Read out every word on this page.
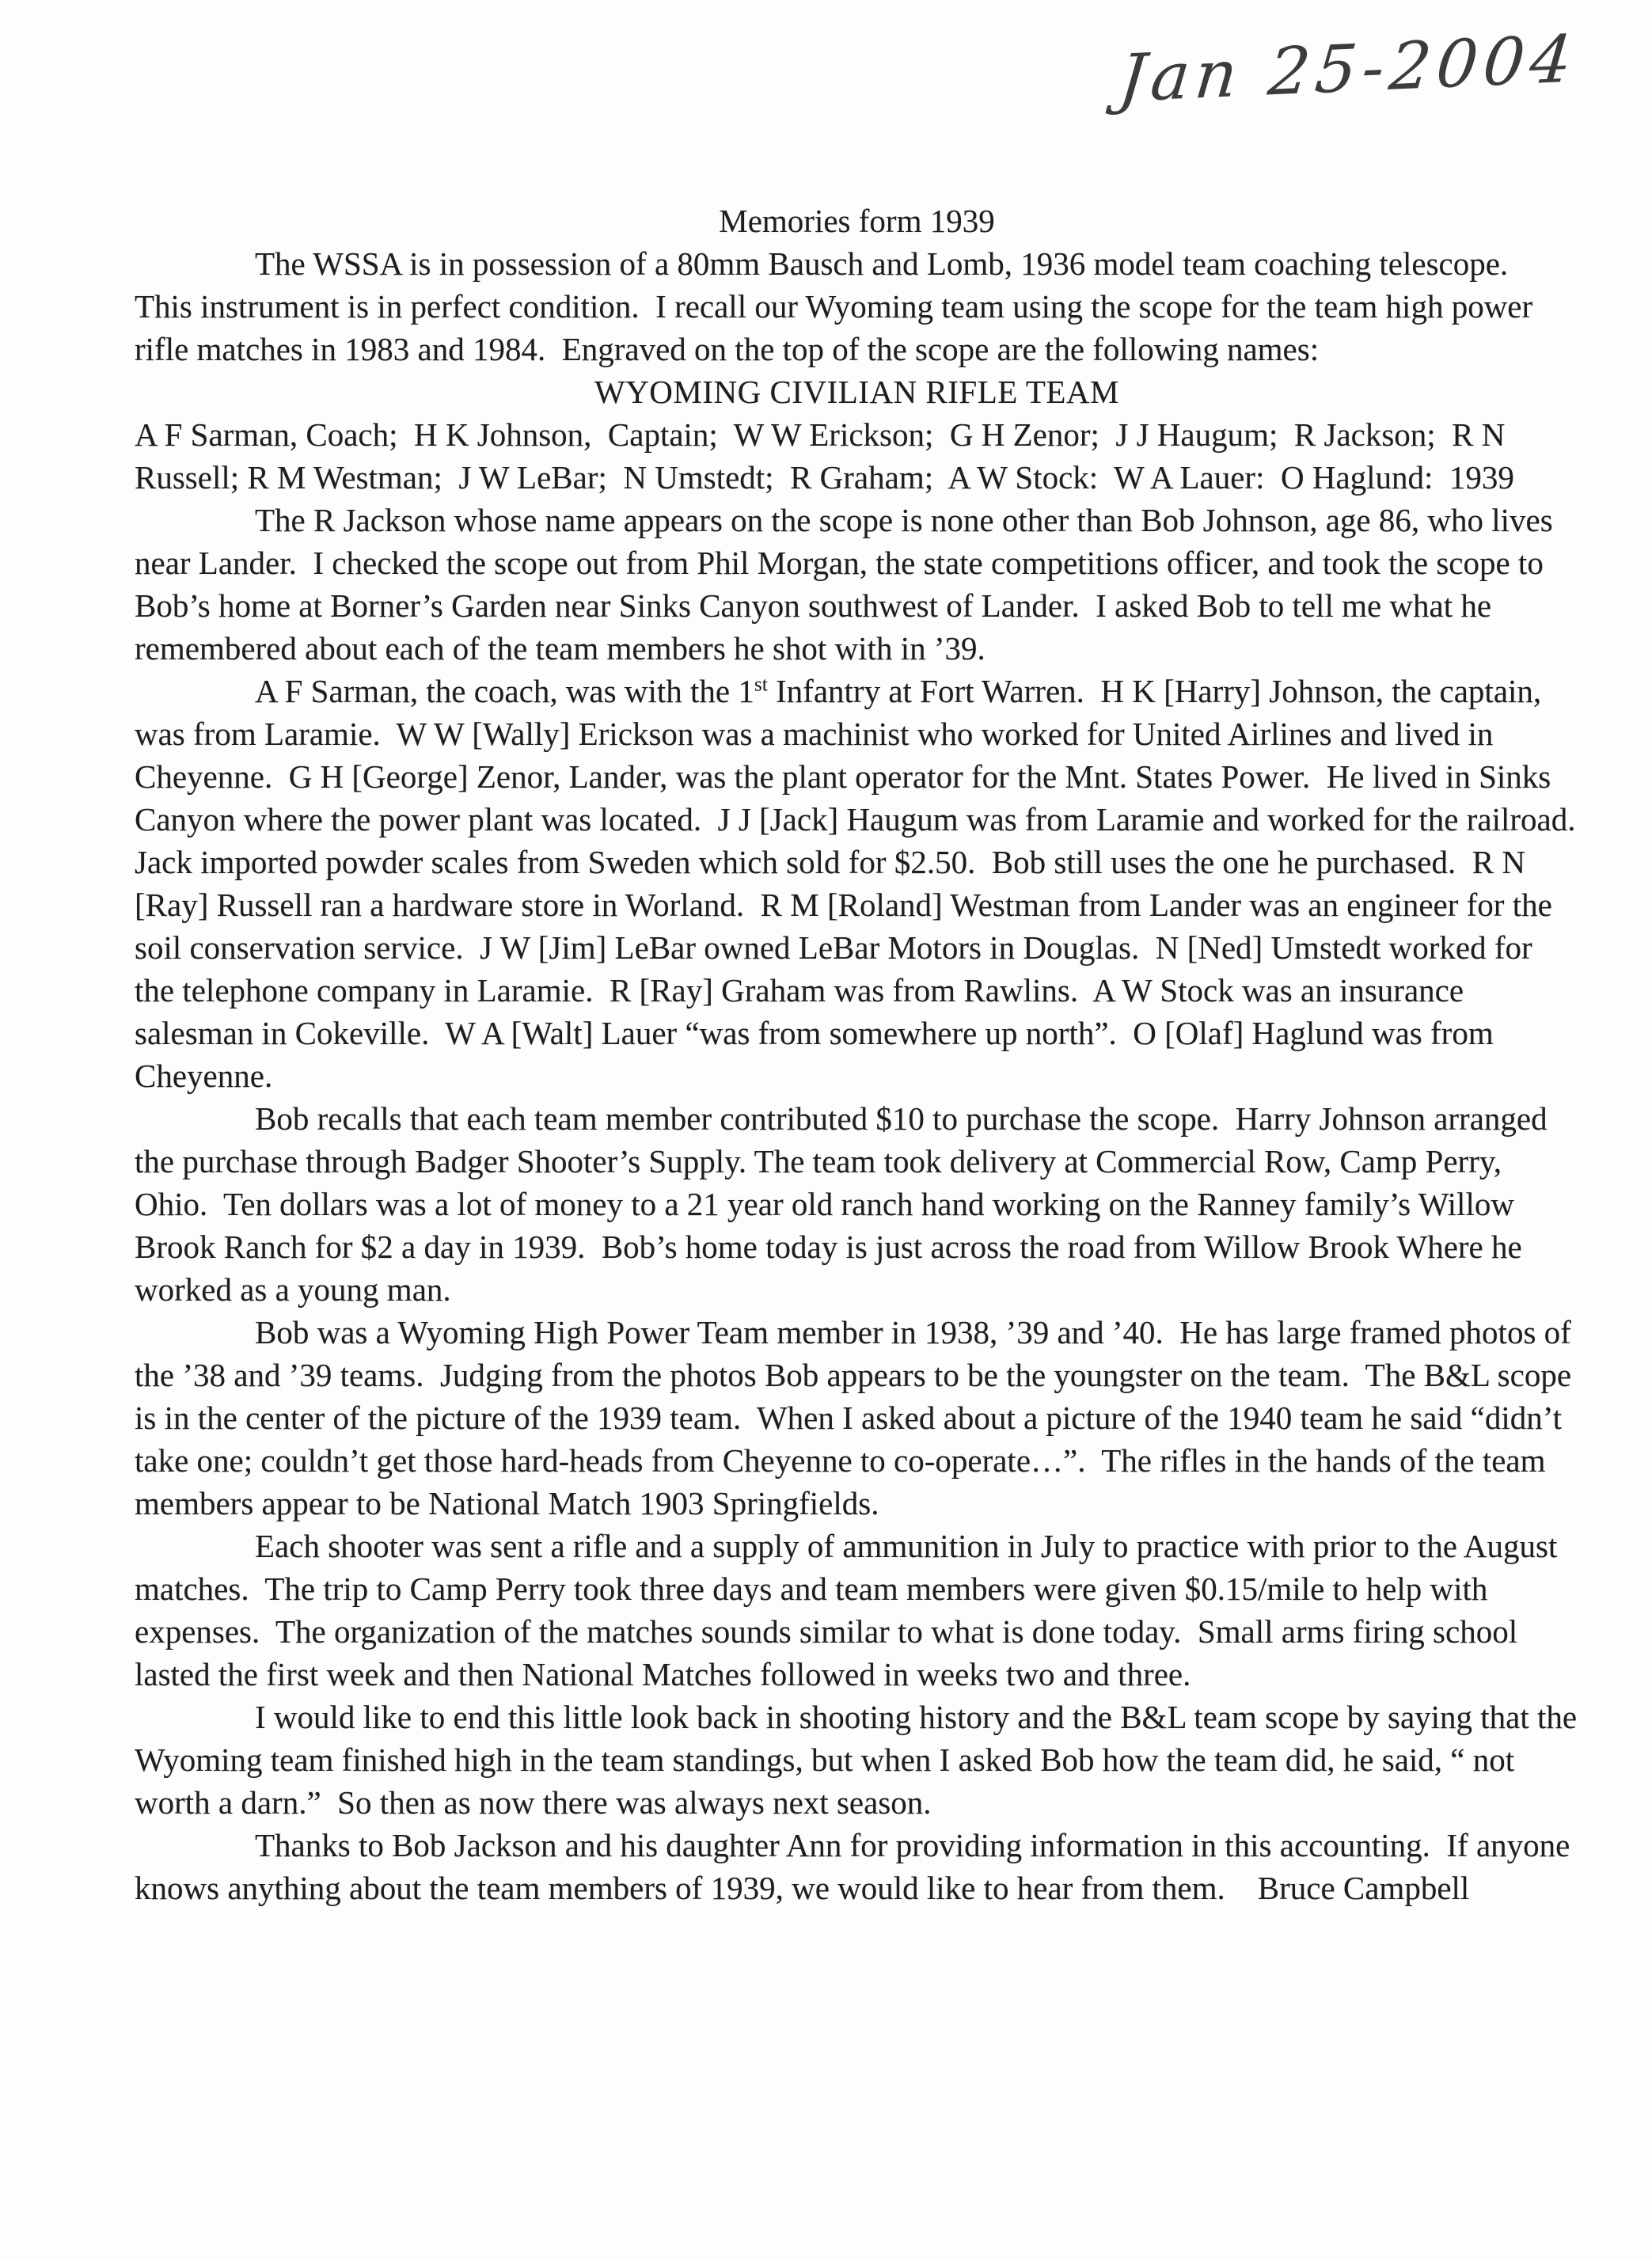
Jan 25-2004

Memories form 1939

The WSSA is in possession of a 80mm Bausch and Lomb, 1936 model team coaching telescope.  This instrument is in perfect condition.  I recall our Wyoming team using the scope for the team high power rifle matches in 1983 and 1984.  Engraved on the top of the scope are the following names:

WYOMING CIVILIAN RIFLE TEAM

A F Sarman, Coach;  H K Johnson,  Captain;  W W Erickson;  G H Zenor;  J J Haugum;  R Jackson;  R N Russell; R M Westman;  J W LeBar;  N Umstedt;  R Graham;  A W Stock:  W A Lauer:  O Haglund:  1939

The R Jackson whose name appears on the scope is none other than Bob Johnson, age 86, who lives near Lander.  I checked the scope out from Phil Morgan, the state competitions officer, and took the scope to Bob’s home at Borner’s Garden near Sinks Canyon southwest of Lander.  I asked Bob to tell me what he remembered about each of the team members he shot with in ’39.

A F Sarman, the coach, was with the 1st Infantry at Fort Warren.  H K [Harry] Johnson, the captain, was from Laramie.  W W [Wally] Erickson was a machinist who worked for United Airlines and lived in Cheyenne.  G H [George] Zenor, Lander, was the plant operator for the Mnt. States Power.  He lived in Sinks Canyon where the power plant was located.  J J [Jack] Haugum was from Laramie and worked for the railroad.  Jack imported powder scales from Sweden which sold for $2.50.  Bob still uses the one he purchased.  R N [Ray] Russell ran a hardware store in Worland.  R M [Roland] Westman from Lander was an engineer for the soil conservation service.  J W [Jim] LeBar owned LeBar Motors in Douglas.  N [Ned] Umstedt worked for the telephone company in Laramie.  R [Ray] Graham was from Rawlins.  A W Stock was an insurance salesman in Cokeville.  W A [Walt] Lauer “was from somewhere up north”.  O [Olaf] Haglund was from Cheyenne.

Bob recalls that each team member contributed $10 to purchase the scope.  Harry Johnson arranged the purchase through Badger Shooter’s Supply. The team took delivery at Commercial Row, Camp Perry, Ohio.  Ten dollars was a lot of money to a 21 year old ranch hand working on the Ranney family’s Willow Brook Ranch for $2 a day in 1939.  Bob’s home today is just across the road from Willow Brook Where he worked as a young man.

Bob was a Wyoming High Power Team member in 1938, ’39 and ’40.  He has large framed photos of the ’38 and ’39 teams.  Judging from the photos Bob appears to be the youngster on the team.  The B&L scope is in the center of the picture of the 1939 team.  When I asked about a picture of the 1940 team he said “didn’t take one; couldn’t get those hard-heads from Cheyenne to co-operate…”.  The rifles in the hands of the team members appear to be National Match 1903 Springfields.

Each shooter was sent a rifle and a supply of ammunition in July to practice with prior to the August matches.  The trip to Camp Perry took three days and team members were given $0.15/mile to help with expenses.  The organization of the matches sounds similar to what is done today.  Small arms firing school lasted the first week and then National Matches followed in weeks two and three.

I would like to end this little look back in shooting history and the B&L team scope by saying that the Wyoming team finished high in the team standings, but when I asked Bob how the team did, he said, “ not worth a darn.”  So then as now there was always next season.

Thanks to Bob Jackson and his daughter Ann for providing information in this accounting.  If anyone knows anything about the team members of 1939, we would like to hear from them.    Bruce Campbell
